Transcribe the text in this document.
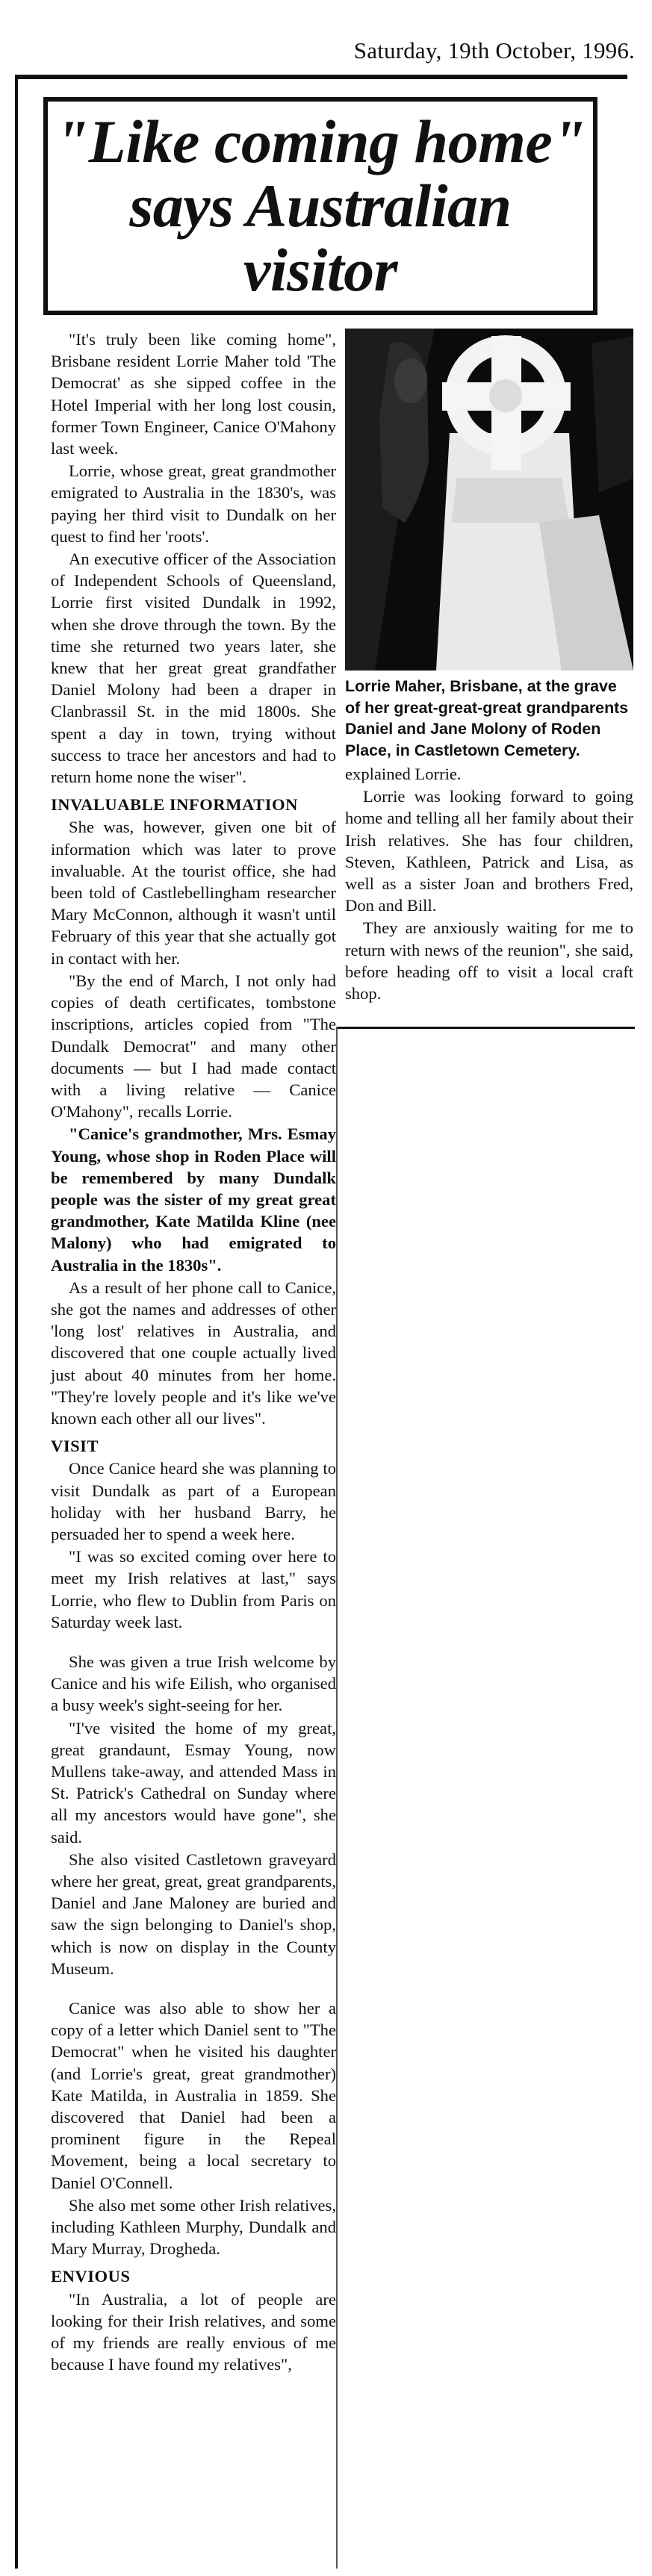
Saturday, 19th October, 1996.
"Like coming home" says Australian visitor

"It's truly been like coming home", Brisbane resident Lorrie Maher told 'The Democrat' as she sipped coffee in the Hotel Imperial with her long lost cousin, former Town Engineer, Canice O'Mahony last week.

Lorrie, whose great, great grandmother emigrated to Australia in the 1830's, was paying her third visit to Dundalk on her quest to find her 'roots'.

An executive officer of the Association of Independent Schools of Queensland, Lorrie first visited Dundalk in 1992, when she drove through the town. By the time she returned two years later, she knew that her great great grandfather Daniel Molony had been a draper in Clanbrassil St. in the mid 1800s. She spent a day in town, trying without success to trace her ancestors and had to return home none the wiser".

INVALUABLE INFORMATION

She was, however, given one bit of information which was later to prove invaluable. At the tourist office, she had been told of Castlebellingham researcher Mary McConnon, although it wasn't until February of this year that she actually got in contact with her.

"By the end of March, I not only had copies of death certificates, tombstone inscriptions, articles copied from "The Dundalk Democrat" and many other documents — but I had made contact with a living relative — Canice O'Mahony", recalls Lorrie.

"Canice's grandmother, Mrs. Esmay Young, whose shop in Roden Place will be remembered by many Dundalk people was the sister of my great great grandmother, Kate Matilda Kline (nee Malony) who had emigrated to Australia in the 1830s".

As a result of her phone call to Canice, she got the names and addresses of other 'long lost' relatives in Australia, and discovered that one couple actually lived just about 40 minutes from her home. "They're lovely people and it's like we've known each other all our lives".

VISIT

Once Canice heard she was planning to visit Dundalk as part of a European holiday with her husband Barry, he persuaded her to spend a week here.

"I was so excited coming over here to meet my Irish relatives at last," says Lorrie, who flew to Dublin from Paris on Saturday week last.

She was given a true Irish welcome by Canice and his wife Eilish, who organised a busy week's sight-seeing for her.

"I've visited the home of my great, great grandaunt, Esmay Young, now Mullens take-away, and attended Mass in St. Patrick's Cathedral on Sunday where all my ancestors would have gone", she said.

She also visited Castletown graveyard where her great, great, great grandparents, Daniel and Jane Maloney are buried and saw the sign belonging to Daniel's shop, which is now on display in the County Museum.

Canice was also able to show her a copy of a letter which Daniel sent to "The Democrat" when he visited his daughter (and Lorrie's great, great grandmother) Kate Matilda, in Australia in 1859. She discovered that Daniel had been a prominent figure in the Repeal Movement, being a local secretary to Daniel O'Connell.

She also met some other Irish relatives, including Kathleen Murphy, Dundalk and Mary Murray, Drogheda.

ENVIOUS

"In Australia, a lot of people are looking for their Irish relatives, and some of my friends are really envious of me because I have found my relatives",

Lorrie Maher, Brisbane, at the grave of her great-great-great grandparents Daniel and Jane Molony of Roden Place, in Castletown Cemetery.

explained Lorrie.

Lorrie was looking forward to going home and telling all her family about their Irish relatives. She has four children, Steven, Kathleen, Patrick and Lisa, as well as a sister Joan and brothers Fred, Don and Bill.

They are anxiously waiting for me to return with news of the reunion", she said, before heading off to visit a local craft shop.
